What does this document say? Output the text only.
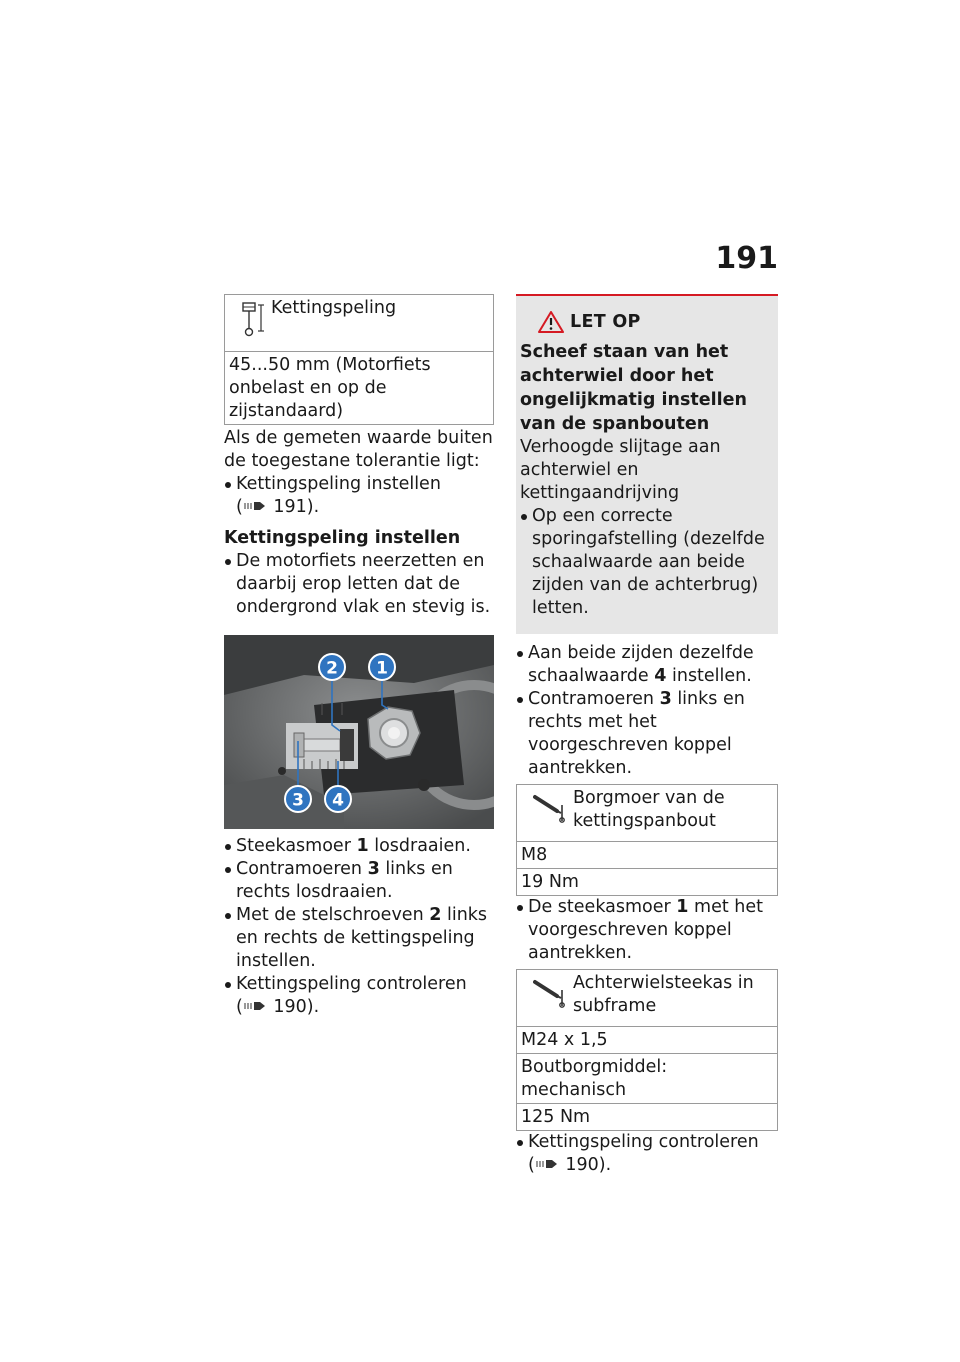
191
Kettingspeling

45...50 mm (Motorfiets onbelast en op de zijstandaard)

Als de gemeten waarde buiten de toegestane tolerantie ligt:

Kettingspeling instellen
( 191).

Kettingspeling instellen

De motorfiets neerzetten en daarbij erop letten dat de ondergrond vlak en stevig is.
2 1
3 4
Steekasmoer 1 losdraaien.
Contramoeren 3 links en rechts losdraaien.
Met de stelschroeven 2 links en rechts de kettingspeling instellen.
Kettingspeling controleren
( 190).
LET OP

Scheef staan van het achterwiel door het ongelijkmatig instellen van de spanbouten

Verhoogde slijtage aan achterwiel en kettingaandrijving

Op een correcte sporingafstelling (dezelfde schaalwaarde aan beide zijden van de achterbrug) letten.
Aan beide zijden dezelfde schaalwaarde 4 instellen.
Contramoeren 3 links en rechts met het voorgeschreven koppel aantrekken.
Borgmoer van de kettingspanbout

M8
19 Nm
De steekasmoer 1 met het voorgeschreven koppel aantrekken.
Achterwielsteekas in subframe

M24 x 1,5
Boutborgmiddel: mechanisch
125 Nm
Kettingspeling controleren
( 190).
